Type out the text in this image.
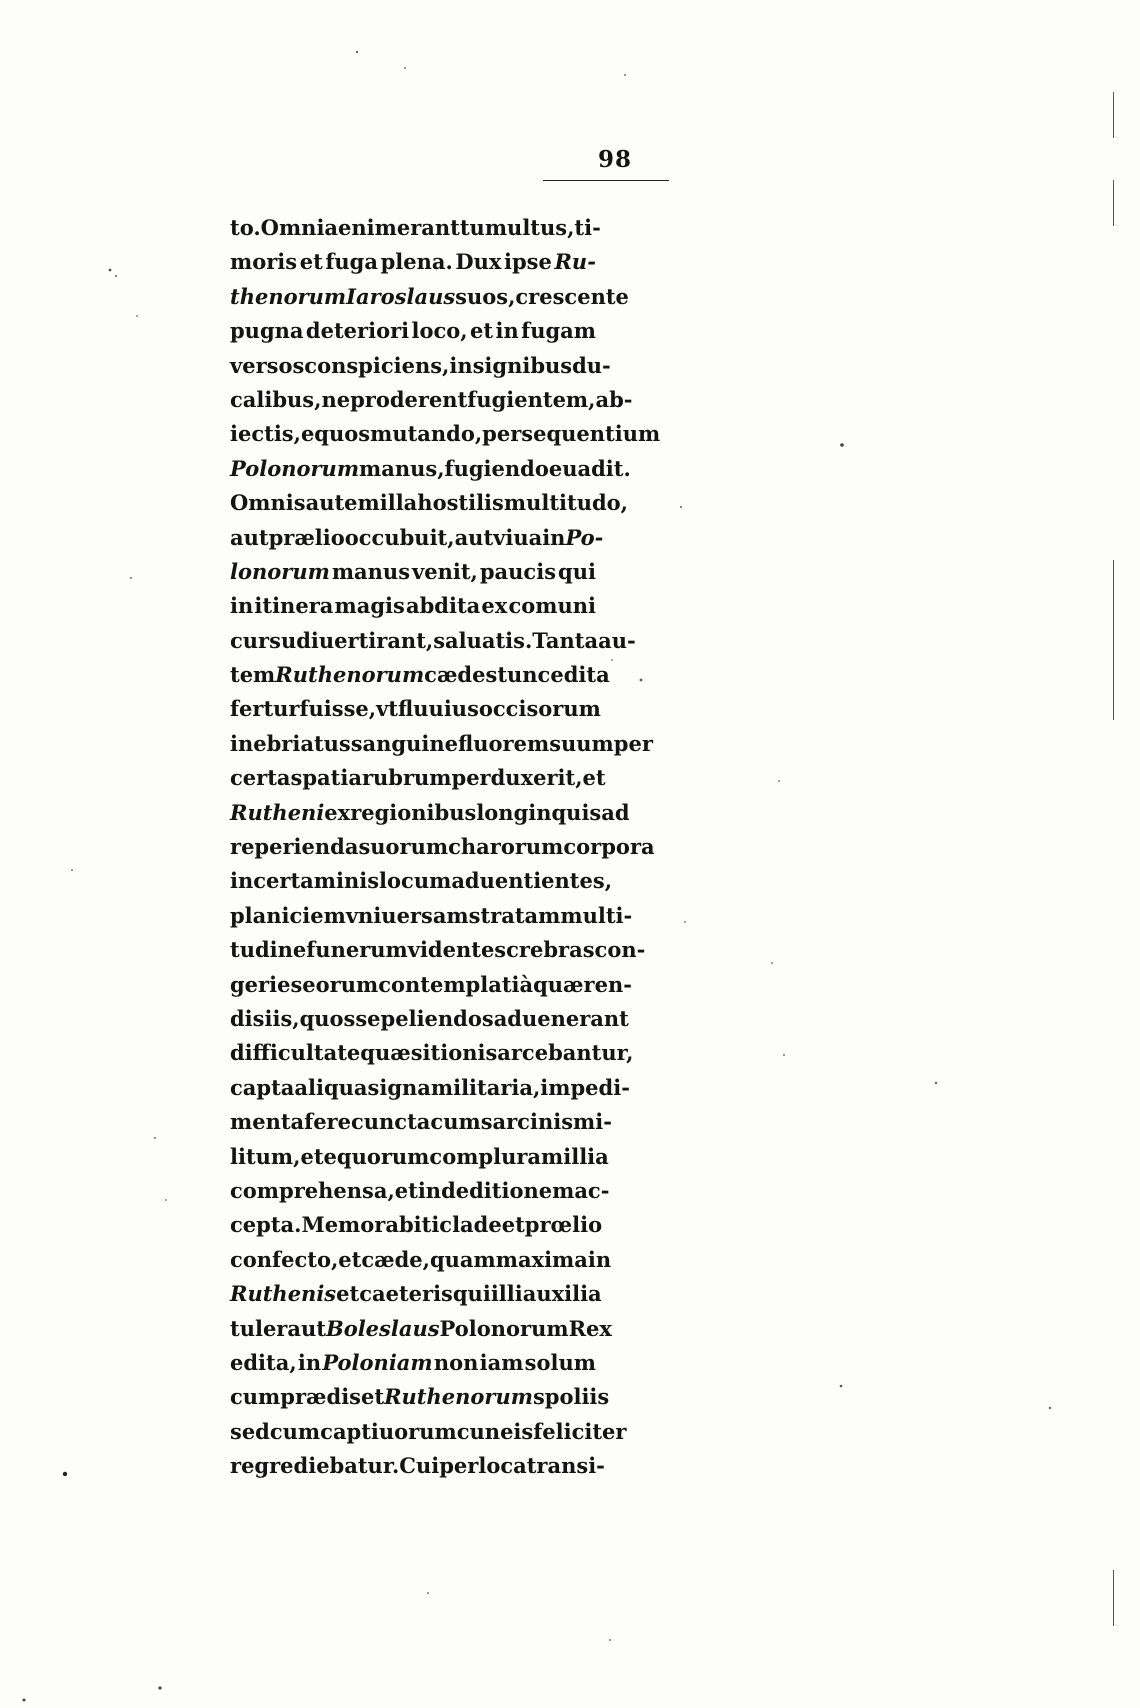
98
to. Omnia enim erant tumultus, ti-
moris et fuga plena. Dux ipse Ru-
thenorum Iaroslaus suos, crescente
pugna deteriori loco, et in fugam
versos conspiciens, insignibus du-
calibus, ne proderent fugientem, ab-
iectis, equos mutando, persequentium
Polonorum manus, fugiendo euadit.
Omnis autem illa hostilis multitudo,
aut prælio occubuit, aut viua in Po-
lonorum manus venit, paucis qui
in itinera magis abdita ex comuni
cursu diuertirant, saluatis. Tanta au-
tem Ruthenorum cædes tunc edita
fertur fuisse, vt fluuius occisorum
inebriatus sanguine fluorem suum per
certa spatia rubrum perduxerit, et
Rutheni ex regionibus longinquis ad
reperienda suorum charorum corpora
in certaminis locum aduentientes,
planiciem vniuersam stratam multi-
tudine funerum videntes crebras con-
geries eorum contemplati à quæren-
dis iis, quos sepeliendos aduenerant
difficultate quæsitionis arcebantur,
capta aliqua signa militaria, impedi-
menta fere cuncta cum sarcinis mi-
litum, et equorum complura millia
comprehensa, et in deditionem ac-
cepta. Memorabiti clade et prœlio
confecto, et cæde, quam maxima in
Ruthenis et caeteris qui illi auxilia
tuleraut Boleslaus Polonorum Rex
edita, in Poloniam non iam solum
cum prædis et Ruthenorum spoliis
sed cum captiuorum cuneis feliciter
regrediebatur. Cui per loca transi-
